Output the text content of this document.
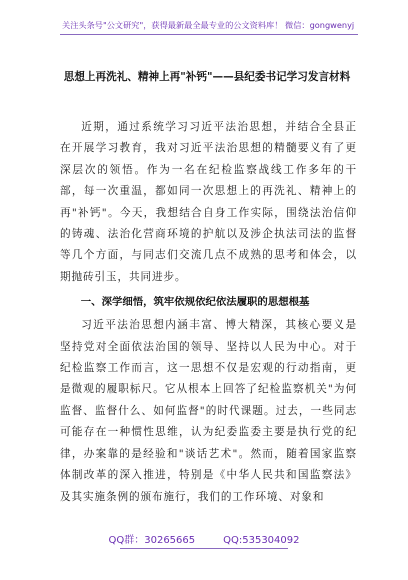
关注头条号"公文研究"，获得最新最全最专业的公文资料库！ 微信：gongwenyj
思想上再洗礼、精神上再"补钙"——县纪委书记学习发言材料

近期，通过系统学习习近平法治思想，并结合全县正在开展学习教育，我对习近平法治思想的精髓要义有了更深层次的领悟。作为一名在纪检监察战线工作多年的干部，每一次重温，都如同一次思想上的再洗礼、精神上的再"补钙"。今天，我想结合自身工作实际，围绕法治信仰的铸魂、法治化营商环境的护航以及涉企执法司法的监督等几个方面，与同志们交流几点不成熟的思考和体会，以期抛砖引玉，共同进步。

一、深学细悟，筑牢依规依纪依法履职的思想根基

习近平法治思想内涵丰富、博大精深，其核心要义是坚持党对全面依法治国的领导、坚持以人民为中心。对于纪检监察工作而言，这一思想不仅是宏观的行动指南，更是微观的履职标尺。它从根本上回答了纪检监察机关"为何监督、监督什么、如何监督"的时代课题。过去，一些同志可能存在一种惯性思维，认为纪委监委主要是执行党的纪律，办案靠的是经验和"谈话艺术"。然而，随着国家监察体制改革的深入推进，特别是《中华人民共和国监察法》及其实施条例的颁布施行，我们的工作环境、对象和

QQ群：30265665	QQ:535304092
